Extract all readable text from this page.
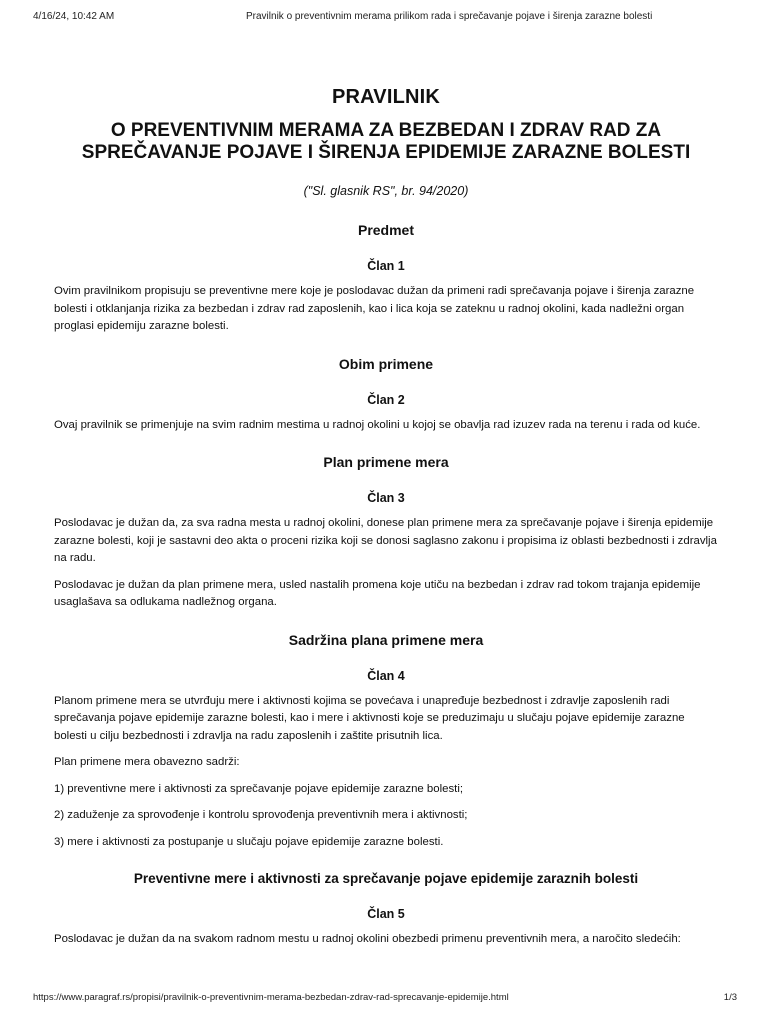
4/16/24, 10:42 AM	Pravilnik o preventivnim merama prilikom rada i sprečavanje pojave i širenja zarazne bolesti
PRAVILNIK
O PREVENTIVNIM MERAMA ZA BEZBEDAN I ZDRAV RAD ZA
SPREČAVANJE POJAVE I ŠIRENJA EPIDEMIJE ZARAZNE BOLESTI
("Sl. glasnik RS", br. 94/2020)
Predmet
Član 1

Ovim pravilnikom propisuju se preventivne mere koje je poslodavac dužan da primeni radi sprečavanja pojave i širenja zarazne bolesti i otklanjanja rizika za bezbedan i zdrav rad zaposlenih, kao i lica koja se zateknu u radnoj okolini, kada nadležni organ proglasi epidemiju zarazne bolesti.

Obim primene
Član 2

Ovaj pravilnik se primenjuje na svim radnim mestima u radnoj okolini u kojoj se obavlja rad izuzev rada na terenu i rada od kuće.

Plan primene mera
Član 3

Poslodavac je dužan da, za sva radna mesta u radnoj okolini, donese plan primene mera za sprečavanje pojave i širenja epidemije zarazne bolesti, koji je sastavni deo akta o proceni rizika koji se donosi saglasno zakonu i propisima iz oblasti bezbednosti i zdravlja na radu.

Poslodavac je dužan da plan primene mera, usled nastalih promena koje utiču na bezbedan i zdrav rad tokom trajanja epidemije usaglašava sa odlukama nadležnog organa.

Sadržina plana primene mera
Član 4

Planom primene mera se utvrđuju mere i aktivnosti kojima se povećava i unapređuje bezbednost i zdravlje zaposlenih radi sprečavanja pojave epidemije zarazne bolesti, kao i mere i aktivnosti koje se preduzimaju u slučaju pojave epidemije zarazne bolesti u cilju bezbednosti i zdravlja na radu zaposlenih i zaštite prisutnih lica.

Plan primene mera obavezno sadrži:

1) preventivne mere i aktivnosti za sprečavanje pojave epidemije zarazne bolesti;

2) zaduženje za sprovođenje i kontrolu sprovođenja preventivnih mera i aktivnosti;

3) mere i aktivnosti za postupanje u slučaju pojave epidemije zarazne bolesti.

Preventivne mere i aktivnosti za sprečavanje pojave epidemije zaraznih bolesti
Član 5

Poslodavac je dužan da na svakom radnom mestu u radnoj okolini obezbedi primenu preventivnih mera, a naročito sledećih:

https://www.paragraf.rs/propisi/pravilnik-o-preventivnim-merama-bezbedan-zdrav-rad-sprecavanje-epidemije.html	1/3
